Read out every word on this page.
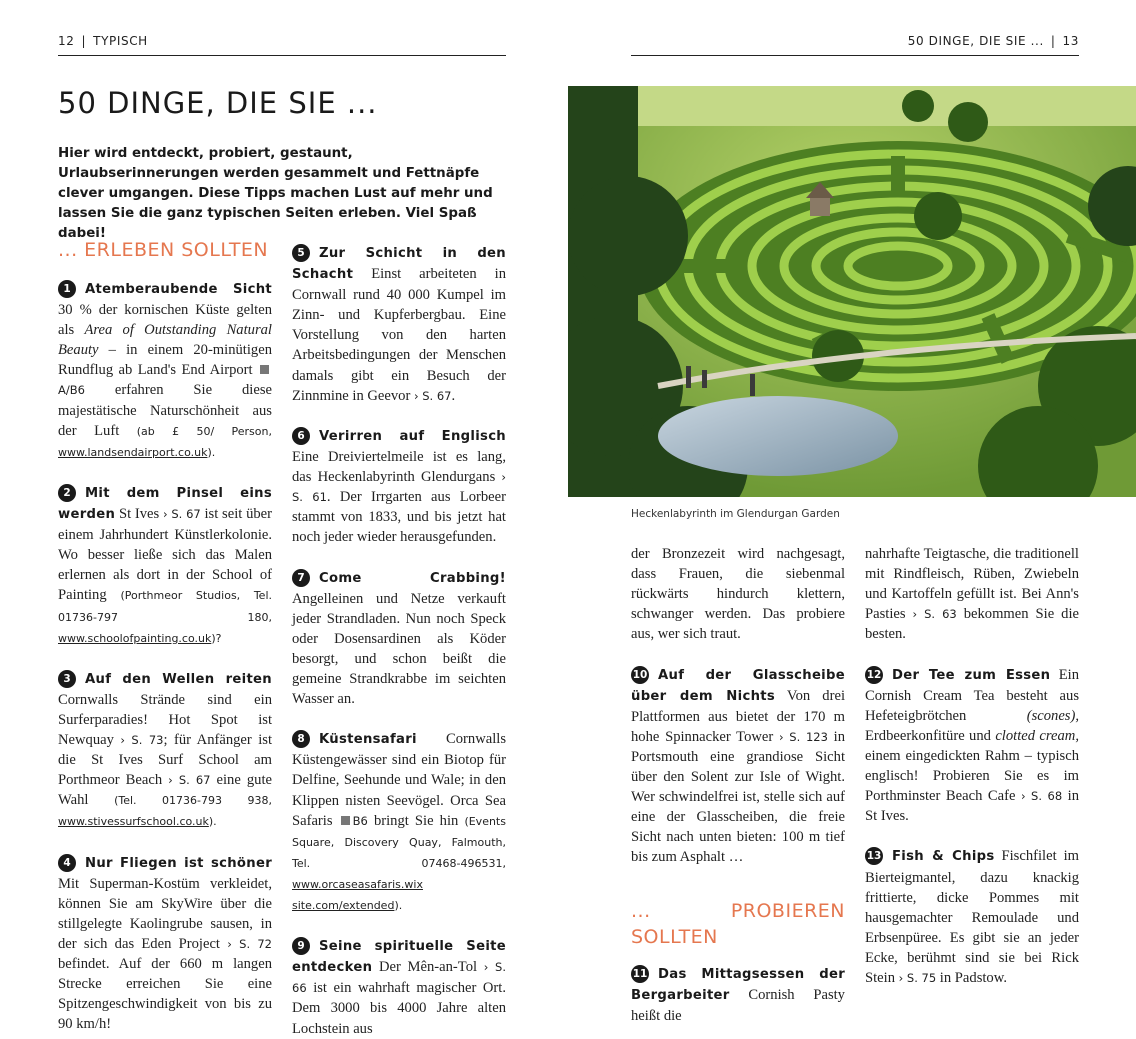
12 | TYPISCH	50 DINGE, DIE SIE ... | 13
50 DINGE, DIE SIE ...

Hier wird entdeckt, probiert, gestaunt, Urlaubserinnerungen werden gesammelt und Fettnäpfe clever umgangen. Diese Tipps machen Lust auf mehr und lassen Sie die ganz typischen Seiten erleben. Viel Spaß dabei!

... ERLEBEN SOLLTEN

1 Atemberaubende Sicht 30 % der kornischen Küste gelten als Area of Outstanding Natural Beauty – in einem 20-minütigen Rundflug ab Land's End Airport A/B6 erfahren Sie diese majestätische Naturschönheit aus der Luft (ab £ 50/ Person, www.landsendairport.co.uk).

2 Mit dem Pinsel eins werden St Ives › S. 67 ist seit über einem Jahrhundert Künstlerkolonie. Wo besser ließe sich das Malen erlernen als dort in der School of Painting (Porthmeor Studios, Tel. 01736-797 180, www.schoolofpainting.co.uk)?

3 Auf den Wellen reiten Cornwalls Strände sind ein Surferparadies! Hot Spot ist Newquay › S. 73; für Anfänger ist die St Ives Surf School am Porthmeor Beach › S. 67 eine gute Wahl (Tel. 01736-793 938, www.stivessurfschool.co.uk).

4 Nur Fliegen ist schöner Mit Superman-Kostüm verkleidet, können Sie am SkyWire über die stillgelegte Kaolingrube sausen, in der sich das Eden Project › S. 72 befindet. Auf der 660 m langen Strecke erreichen Sie eine Spitzengeschwindigkeit von bis zu 90 km/h!

5 Zur Schicht in den Schacht Einst arbeiteten in Cornwall rund 40 000 Kumpel im Zinn- und Kupferbergbau. Eine Vorstellung von den harten Arbeitsbedingungen der Menschen damals gibt ein Besuch der Zinnmine in Geevor › S. 67.

6 Verirren auf Englisch Eine Dreiviertelmeile ist es lang, das Heckenlabyrinth Glendurgans › S. 61. Der Irrgarten aus Lorbeer stammt von 1833, und bis jetzt hat noch jeder wieder herausgefunden.

7 Come Crabbing! Angelleinen und Netze verkauft jeder Strandladen. Nun noch Speck oder Dosensardinen als Köder besorgt, und schon beißt die gemeine Strandkrabbe im seichten Wasser an.

8 Küstensafari Cornwalls Küstengewässer sind ein Biotop für Delfine, Seehunde und Wale; in den Klippen nisten Seevögel. Orca Sea Safaris B6 bringt Sie hin (Events Square, Discovery Quay, Falmouth, Tel. 07468-496531, www.orcaseasafaris.wix site.com/extended).

9 Seine spirituelle Seite entdecken Der Mên-an-Tol › S. 66 ist ein wahrhaft magischer Ort. Dem 3000 bis 4000 Jahre alten Lochstein aus

Heckenlabyrinth im Glendurgan Garden

der Bronzezeit wird nachgesagt, dass Frauen, die siebenmal rückwärts hindurch klettern, schwanger werden. Das probiere aus, wer sich traut.

10 Auf der Glasscheibe über dem Nichts Von drei Plattformen aus bietet der 170 m hohe Spinnacker Tower › S. 123 in Portsmouth eine grandiose Sicht über den Solent zur Isle of Wight. Wer schwindelfrei ist, stelle sich auf eine der Glasscheiben, die freie Sicht nach unten bieten: 100 m tief bis zum Asphalt …

... PROBIEREN SOLLTEN

11 Das Mittagsessen der Bergarbeiter Cornish Pasty heißt die

nahrhafte Teigtasche, die traditionell mit Rindfleisch, Rüben, Zwiebeln und Kartoffeln gefüllt ist. Bei Ann's Pasties › S. 63 bekommen Sie die besten.

12 Der Tee zum Essen Ein Cornish Cream Tea besteht aus Hefeteigbrötchen (scones), Erdbeerkonfitüre und clotted cream, einem eingedickten Rahm – typisch englisch! Probieren Sie es im Porthminster Beach Cafe › S. 68 in St Ives.

13 Fish & Chips Fischfilet im Bierteigmantel, dazu knackig frittierte, dicke Pommes mit hausgemachter Remoulade und Erbsenpüree. Es gibt sie an jeder Ecke, berühmt sind sie bei Rick Stein › S. 75 in Padstow.
